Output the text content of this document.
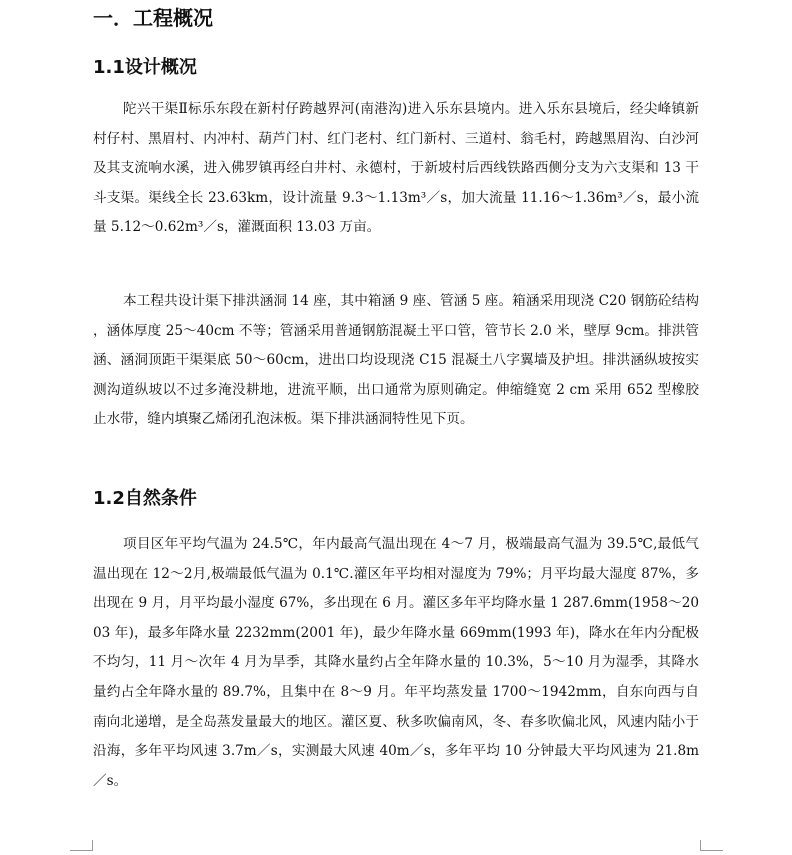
一．工程概况
1.1设计概况

陀兴干渠Ⅱ标乐东段在新村仔跨越界河(南港沟)进入乐东县境内。进入乐东县境后，经尖峰镇新村仔村、黑眉村、内冲村、葫芦门村、红门老村、红门新村、三道村、翁毛村，跨越黑眉沟、白沙河及其支流响水溪，进入佛罗镇再经白井村、永德村，于新坡村后西线铁路西侧分支为六支渠和 13 干斗支渠。渠线全长 23.63km，设计流量 9.3～1.13m³／s，加大流量 11.16～1.36m³／s，最小流量 5.12～0.62m³／s，灌溉面积 13.03 万亩。

本工程共设计渠下排洪涵洞 14 座，其中箱涵 9 座、管涵 5 座。箱涵采用现浇 C20 钢筋砼结构，涵体厚度 25～40cm 不等；管涵采用普通钢筋混凝土平口管，管节长 2.0 米，壁厚 9cm。排洪管涵、涵洞顶距干渠渠底 50～60cm，进出口均设现浇 C15 混凝土八字翼墙及护坦。排洪涵纵坡按实测沟道纵坡以不过多淹没耕地，进流平顺，出口通常为原则确定。伸缩缝宽 2 cm 采用 652 型橡胶止水带，缝内填聚乙烯闭孔泡沫板。渠下排洪涵洞特性见下页。

1.2自然条件

项目区年平均气温为 24.5℃，年内最高气温出现在 4～7 月，极端最高气温为 39.5℃,最低气温出现在 12～2月,极端最低气温为 0.1℃.灌区年平均相对湿度为 79%；月平均最大湿度 87%，多出现在 9 月，月平均最小湿度 67%，多出现在 6 月。灌区多年平均降水量 1 287.6mm(1958～2003 年)，最多年降水量 2232mm(2001 年)，最少年降水量 669mm(1993 年)，降水在年内分配极不均匀，11 月～次年 4 月为旱季，其降水量约占全年降水量的 10.3%，5～10 月为湿季，其降水量约占全年降水量的 89.7%，且集中在 8～9 月。年平均蒸发量 1700～1942mm，自东向西与自南向北递增，是全岛蒸发量最大的地区。灌区夏、秋多吹偏南风，冬、春多吹偏北风，风速内陆小于沿海，多年平均风速 3.7m／s，实测最大风速 40m／s，多年平均 10 分钟最大平均风速为 21.8m／s。
